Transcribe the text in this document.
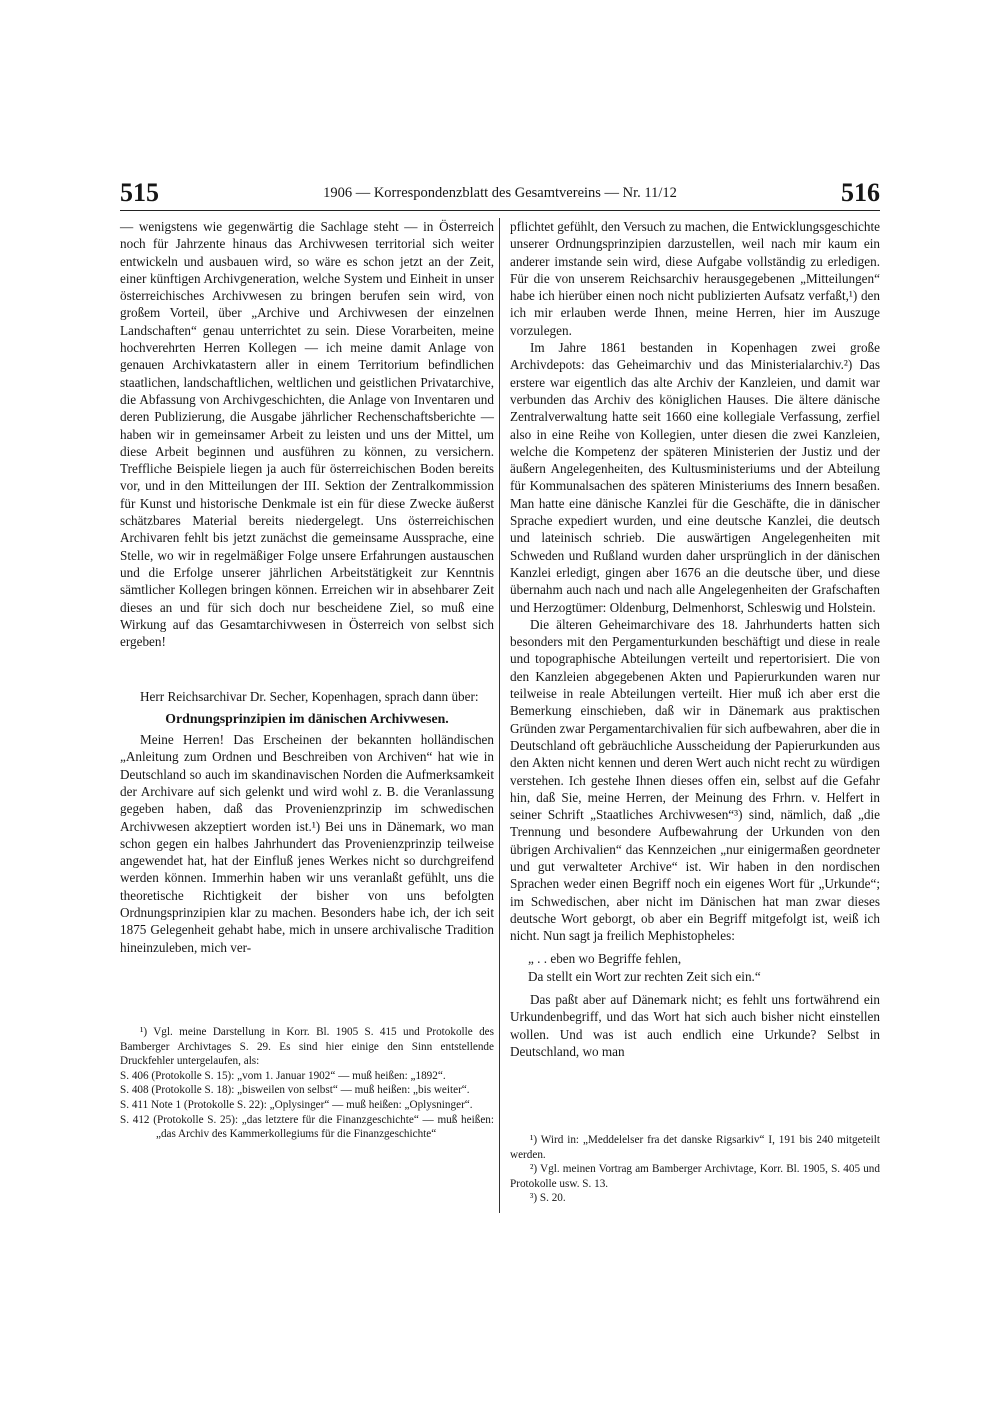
515	1906 — Korrespondenzblatt des Gesamtvereins — Nr. 11/12	516

— wenigstens wie gegenwärtig die Sachlage steht — in Österreich noch für Jahrzente hinaus das Archivwesen territorial sich weiter entwickeln und ausbauen wird, so wäre es schon jetzt an der Zeit, einer künftigen Archivgeneration, welche System und Einheit in unser österreichisches Archivwesen zu bringen berufen sein wird, von großem Vorteil, über „Archive und Archivwesen der einzelnen Landschaften“ genau unterrichtet zu sein. Diese Vorarbeiten, meine hochverehrten Herren Kollegen — ich meine damit Anlage von genauen Archivkatastern aller in einem Territorium befindlichen staatlichen, landschaftlichen, weltlichen und geistlichen Privatarchive, die Abfassung von Archivgeschichten, die Anlage von Inventaren und deren Publizierung, die Ausgabe jährlicher Rechenschaftsberichte — haben wir in gemeinsamer Arbeit zu leisten und uns der Mittel, um diese Arbeit beginnen und ausführen zu können, zu versichern. Treffliche Beispiele liegen ja auch für österreichischen Boden bereits vor, und in den Mitteilungen der III. Sektion der Zentralkommission für Kunst und historische Denkmale ist ein für diese Zwecke äußerst schätzbares Material bereits niedergelegt. Uns österreichischen Archivaren fehlt bis jetzt zunächst die gemeinsame Aussprache, eine Stelle, wo wir in regelmäßiger Folge unsere Erfahrungen austauschen und die Erfolge unserer jährlichen Arbeitstätigkeit zur Kenntnis sämtlicher Kollegen bringen können. Erreichen wir in absehbarer Zeit dieses an und für sich doch nur bescheidene Ziel, so muß eine Wirkung auf das Gesamtarchivwesen in Österreich von selbst sich ergeben!

Herr Reichsarchivar Dr. Secher, Kopenhagen, sprach dann über:

Ordnungsprinzipien im dänischen Archivwesen.

Meine Herren! Das Erscheinen der bekannten holländischen „Anleitung zum Ordnen und Beschreiben von Archiven“ hat wie in Deutschland so auch im skandinavischen Norden die Aufmerksamkeit der Archivare auf sich gelenkt und wird wohl z. B. die Veranlassung gegeben haben, daß das Provenienzprinzip im schwedischen Archivwesen akzeptiert worden ist.¹) Bei uns in Dänemark, wo man schon gegen ein halbes Jahrhundert das Provenienzprinzip teilweise angewendet hat, hat der Einfluß jenes Werkes nicht so durchgreifend werden können. Immerhin haben wir uns veranlaßt gefühlt, uns die theoretische Richtigkeit der bisher von uns befolgten Ordnungsprinzipien klar zu machen. Besonders habe ich, der ich seit 1875 Gelegenheit gehabt habe, mich in unsere archivalische Tradition hineinzuleben, mich ver-

¹) Vgl. meine Darstellung in Korr. Bl. 1905 S. 415 und Protokolle des Bamberger Archivtages S. 29. Es sind hier einige den Sinn entstellende Druckfehler untergelaufen, als:

S. 406 (Protokolle S. 15): „vom 1. Januar 1902“ — muß heißen: „1892“.

S. 408 (Protokolle S. 18): „bisweilen von selbst“ — muß heißen: „bis weiter“.

S. 411 Note 1 (Protokolle S. 22): „Oplysinger“ — muß heißen: „Oplysninger“.

S. 412 (Protokolle S. 25): „das letztere für die Finanzgeschichte“ — muß heißen: „das Archiv des Kammerkollegiums für die Finanzgeschichte“

pflichtet gefühlt, den Versuch zu machen, die Entwicklungsgeschichte unserer Ordnungsprinzipien darzustellen, weil nach mir kaum ein anderer imstande sein wird, diese Aufgabe vollständig zu erledigen. Für die von unserem Reichsarchiv herausgegebenen „Mitteilungen“ habe ich hierüber einen noch nicht publizierten Aufsatz verfaßt,¹) den ich mir erlauben werde Ihnen, meine Herren, hier im Auszuge vorzulegen.

Im Jahre 1861 bestanden in Kopenhagen zwei große Archivdepots: das Geheimarchiv und das Ministerialarchiv.²) Das erstere war eigentlich das alte Archiv der Kanzleien, und damit war verbunden das Archiv des königlichen Hauses. Die ältere dänische Zentralverwaltung hatte seit 1660 eine kollegiale Verfassung, zerfiel also in eine Reihe von Kollegien, unter diesen die zwei Kanzleien, welche die Kompetenz der späteren Ministerien der Justiz und der äußern Angelegenheiten, des Kultusministeriums und der Abteilung für Kommunalsachen des späteren Ministeriums des Innern besaßen. Man hatte eine dänische Kanzlei für die Geschäfte, die in dänischer Sprache expediert wurden, und eine deutsche Kanzlei, die deutsch und lateinisch schrieb. Die auswärtigen Angelegenheiten mit Schweden und Rußland wurden daher ursprünglich in der dänischen Kanzlei erledigt, gingen aber 1676 an die deutsche über, und diese übernahm auch nach und nach alle Angelegenheiten der Grafschaften und Herzogtümer: Oldenburg, Delmenhorst, Schleswig und Holstein.

Die älteren Geheimarchivare des 18. Jahrhunderts hatten sich besonders mit den Pergamenturkunden beschäftigt und diese in reale und topographische Abteilungen verteilt und repertorisiert. Die von den Kanzleien abgegebenen Akten und Papierurkunden waren nur teilweise in reale Abteilungen verteilt. Hier muß ich aber erst die Bemerkung einschieben, daß wir in Dänemark aus praktischen Gründen zwar Pergamentarchivalien für sich aufbewahren, aber die in Deutschland oft gebräuchliche Ausscheidung der Papierurkunden aus den Akten nicht kennen und deren Wert auch nicht recht zu würdigen verstehen. Ich gestehe Ihnen dieses offen ein, selbst auf die Gefahr hin, daß Sie, meine Herren, der Meinung des Frhrn. v. Helfert in seiner Schrift „Staatliches Archivwesen“³) sind, nämlich, daß „die Trennung und besondere Aufbewahrung der Urkunden von den übrigen Archivalien“ das Kennzeichen „nur einigermaßen geordneter und gut verwalteter Archive“ ist. Wir haben in den nordischen Sprachen weder einen Begriff noch ein eigenes Wort für „Urkunde“; im Schwedischen, aber nicht im Dänischen hat man zwar dieses deutsche Wort geborgt, ob aber ein Begriff mitgefolgt ist, weiß ich nicht. Nun sagt ja freilich Mephistopheles:

„ . . eben wo Begriffe fehlen,
Da stellt ein Wort zur rechten Zeit sich ein.“

Das paßt aber auf Dänemark nicht; es fehlt uns fortwährend ein Urkundenbegriff, und das Wort hat sich auch bisher nicht einstellen wollen. Und was ist auch endlich eine Urkunde? Selbst in Deutschland, wo man

¹) Wird in: „Meddelelser fra det danske Rigsarkiv“ I, 191 bis 240 mitgeteilt werden.

²) Vgl. meinen Vortrag am Bamberger Archivtage, Korr. Bl. 1905, S. 405 und Protokolle usw. S. 13.

³) S. 20.
